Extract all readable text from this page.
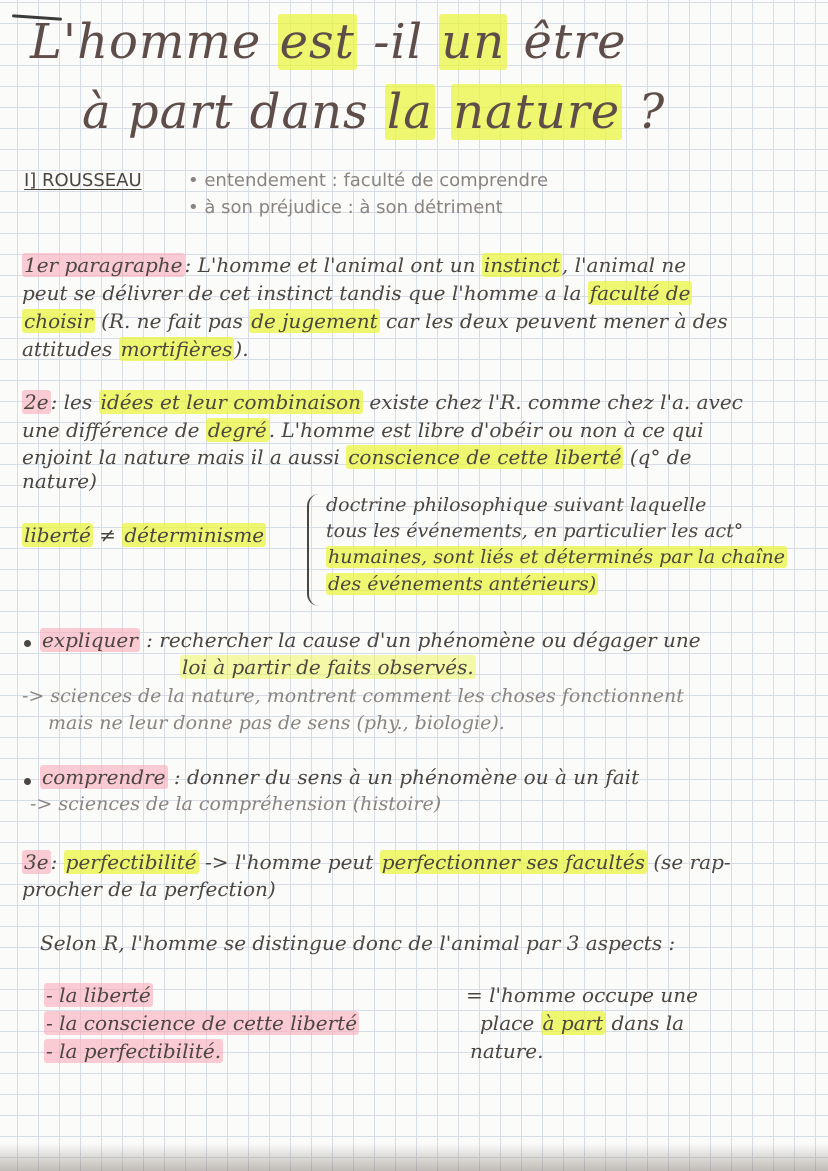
L'homme est -il un être
à part dans la nature ?
I] ROUSSEAU	• entendement : faculté de comprendre
• à son préjudice : à son détriment
1er paragraphe : L'homme et l'animal ont un instinct , l'animal ne
peut se délivrer de cet instinct tandis que l'homme a la faculté de
choisir (R. ne fait pas de jugement car les deux peuvent mener à des
attitudes mortifières ).
2e : les idées et leur combinaison existe chez l'R. comme chez l'a. avec
une différence de degré . L'homme est libre d'obéir ou non à ce qui
enjoint la nature mais il a aussi conscience de cette liberté (q° de
nature)
liberté ≠ déterminisme
doctrine philosophique suivant laquelle
tous les événements, en particulier les act°
humaines, sont liés et déterminés par la chaîne
des événements antérieurs)
expliquer : rechercher la cause d'un phénomène ou dégager une
loi à partir de faits observés.
-> sciences de la nature, montrent comment les choses fonctionnent
mais ne leur donne pas de sens (phy., biologie).
comprendre : donner du sens à un phénomène ou à un fait
-> sciences de la compréhension (histoire)
3e : perfectibilité -> l'homme peut perfectionner ses facultés (se rap-
procher de la perfection)
Selon R, l'homme se distingue donc de l'animal par 3 aspects :
- la liberté
- la conscience de cette liberté
- la perfectibilité.
= l'homme occupe une
place à part dans la
nature.
